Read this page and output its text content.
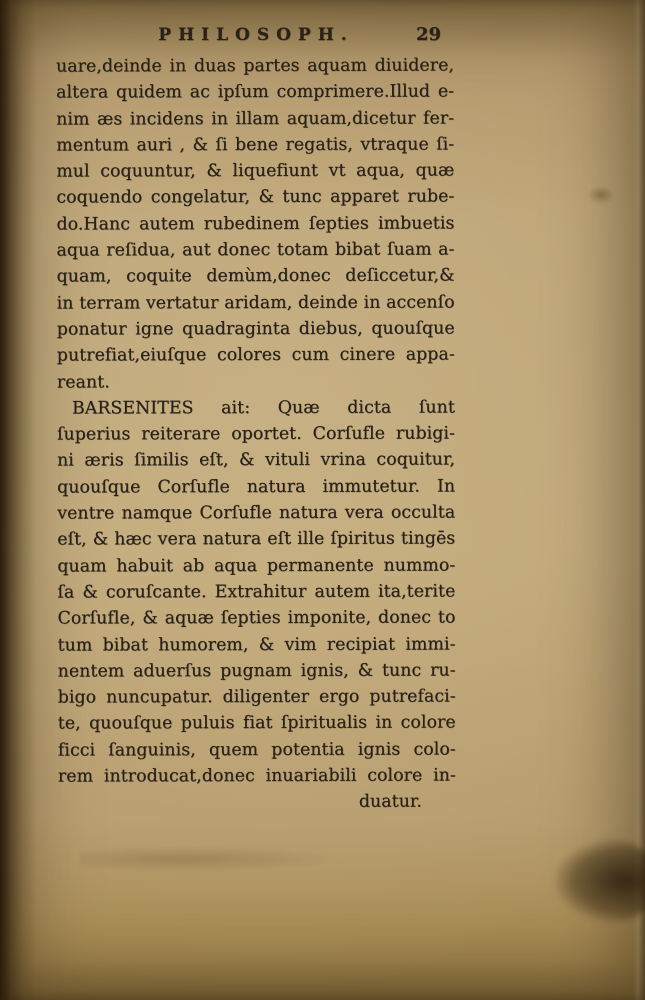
PHILOSOPH.	29
uare,deinde in duas partes aquam diuidere,
altera quidem ac ipſum comprimere.Illud e-
nim æs incidens in illam aquam,dicetur fer-
mentum auri , & ſi bene regatis, vtraque ſi-
mul coquuntur, & liquefiunt vt aqua, quæ
coquendo congelatur, & tunc apparet rube-
do.Hanc autem rubedinem ſepties imbuetis
aqua reſidua, aut donec totam bibat ſuam a-
quam, coquite demùm,donec deſiccetur,&
in terram vertatur aridam, deinde in accenſo
ponatur igne quadraginta diebus, quouſque
putrefiat,eiuſque colores cum cinere appa-
reant.
BARSENITES ait: Quæ dicta ſunt
ſuperius reiterare oportet. Corſufle rubigi-
ni æris ſimilis eſt, & vituli vrina coquitur,
quouſque Corſufle natura immutetur. In
ventre namque Corſufle natura vera occulta
eſt, & hæc vera natura eſt ille ſpiritus tingēs
quam habuit ab aqua permanente nummo-
ſa & coruſcante. Extrahitur autem ita,terite
Corſufle, & aquæ ſepties imponite, donec to
tum bibat humorem, & vim recipiat immi-
nentem aduerſus pugnam ignis, & tunc ru-
bigo nuncupatur. diligenter ergo putrefaci-
te, quouſque puluis fiat ſpiritualis in colore
ficci ſanguinis, quem potentia ignis colo-
rem introducat,donec inuariabili colore in-
duatur.
